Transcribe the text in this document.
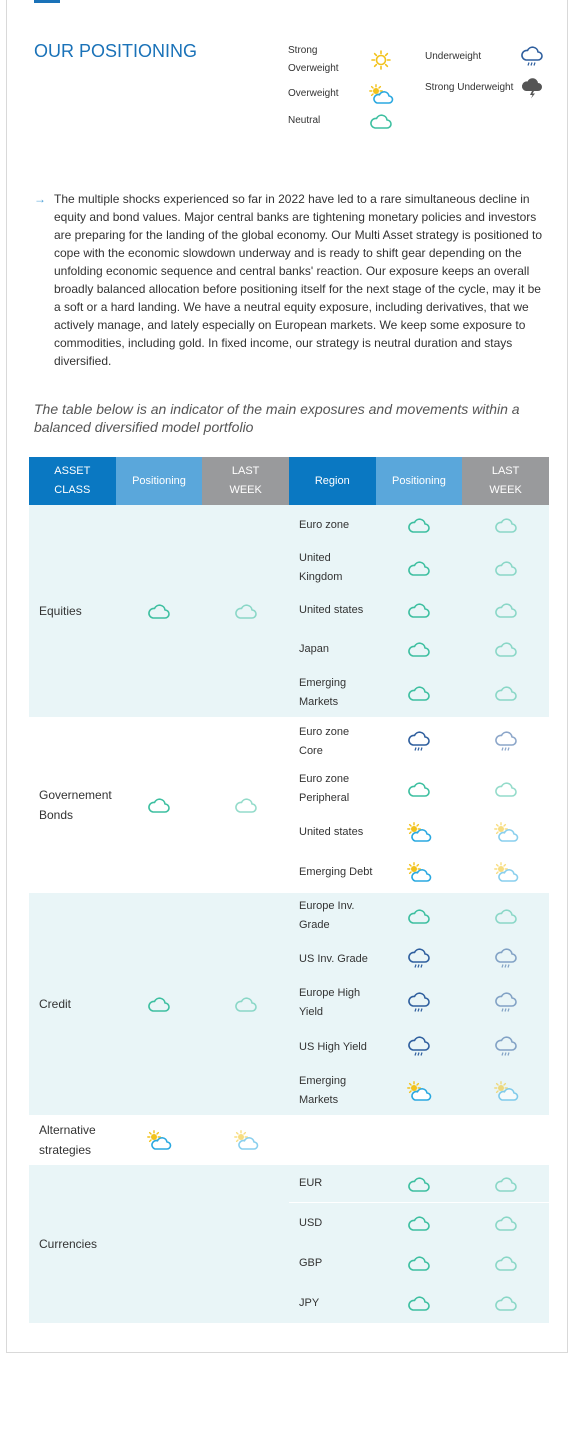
OUR POSITIONING	Strong Overweight
Overweight
Neutral
Underweight
Strong Underweight
→ The multiple shocks experienced so far in 2022 have led to a rare simultaneous decline in equity and bond values. Major central banks are tightening monetary policies and investors are preparing for the landing of the global economy. Our Multi Asset strategy is positioned to cope with the economic slowdown underway and is ready to shift gear depending on the unfolding economic sequence and central banks' reaction. Our exposure keeps an overall broadly balanced allocation before positioning itself for the next stage of the cycle, may it be a soft or a hard landing. We have a neutral equity exposure, including derivatives, that we actively manage, and lately especially on European markets. We keep some exposure to commodities, including gold. In fixed income, our strategy is neutral duration and stays diversified.

The table below is an indicator of the main exposures and movements within a balanced diversified model portfolio

ASSET CLASS
Positioning
LAST WEEK
Region	Positioning
LAST WEEK
Equities
Euro zone
United Kingdom
United states
Japan
Emerging Markets
Governement Bonds
Euro zone Core
Euro zone Peripheral
United states
Emerging Debt
Credit
Europe Inv. Grade
US Inv. Grade
Europe High Yield
US High Yield
Emerging Markets
Alternative strategies
Currencies
EUR
USD
GBP
JPY
